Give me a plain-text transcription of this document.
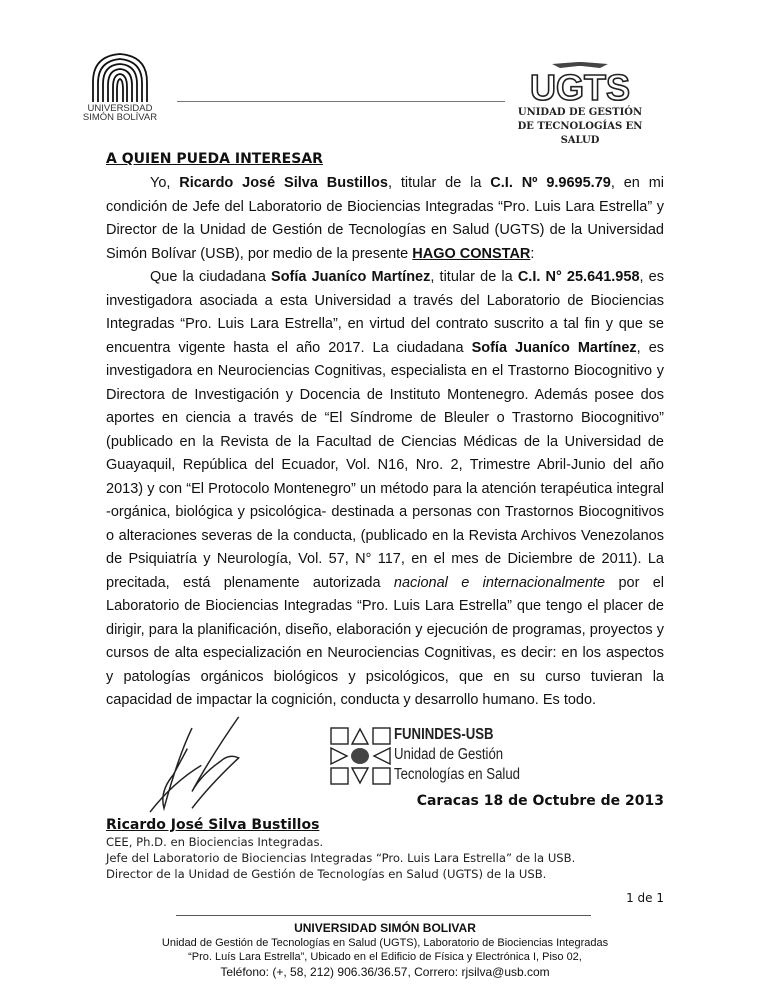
UNIVERSIDAD
SIMÓN BOLÍVAR
UGTS
UNIDAD DE GESTIÓN
DE TECNOLOGÍAS EN SALUD
A QUIEN PUEDA INTERESAR

Yo, Ricardo José Silva Bustillos, titular de la C.I. Nº 9.9695.79, en mi condición de Jefe del Laboratorio de Biociencias Integradas “Pro. Luis Lara Estrella” y Director de la Unidad de Gestión de Tecnologías en Salud (UGTS) de la Universidad Simón Bolívar (USB), por medio de la presente HAGO CONSTAR:

Que la ciudadana Sofía Juaníco Martínez, titular de la C.I. N° 25.641.958, es investigadora asociada a esta Universidad a través del Laboratorio de Biociencias Integradas “Pro. Luis Lara Estrella”, en virtud del contrato suscrito a tal fin y que se encuentra vigente hasta el año 2017. La ciudadana Sofía Juaníco Martínez, es investigadora en Neurociencias Cognitivas, especialista en el Trastorno Biocognitivo y Directora de Investigación y Docencia de Instituto Montenegro. Además posee dos aportes en ciencia a través de “El Síndrome de Bleuler o Trastorno Biocognitivo” (publicado en la Revista de la Facultad de Ciencias Médicas de la Universidad de Guayaquil, República del Ecuador, Vol. N16, Nro. 2, Trimestre Abril-Junio del año 2013) y con “El Protocolo Montenegro” un método para la atención terapéutica integral -orgánica, biológica y psicológica- destinada a personas con Trastornos Biocognitivos o alteraciones severas de la conducta, (publicado en la Revista Archivos Venezolanos de Psiquiatría y Neurología, Vol. 57, N° 117, en el mes de Diciembre de 2011). La precitada, está plenamente autorizada nacional e internacionalmente por el Laboratorio de Biociencias Integradas “Pro. Luis Lara Estrella” que tengo el placer de dirigir, para la planificación, diseño, elaboración y ejecución de programas, proyectos y cursos de alta especialización en Neurociencias Cognitivas, es decir: en los aspectos y patologías orgánicos biológicos y psicológicos, que en su curso tuvieran la capacidad de impactar la cognición, conducta y desarrollo humano. Es todo.

FUNINDES-USB
Unidad de Gestión
Tecnologías en Salud
Caracas 18 de Octubre de 2013
Ricardo José Silva Bustillos
CEE, Ph.D. en Biociencias Integradas.
Jefe del Laboratorio de Biociencias Integradas “Pro. Luis Lara Estrella” de la USB.
Director de la Unidad de Gestión de Tecnologías en Salud (UGTS) de la USB.
1 de 1
UNIVERSIDAD SIMÓN BOLIVAR
Unidad de Gestión de Tecnologías en Salud (UGTS), Laboratorio de Biociencias Integradas
“Pro. Luís Lara Estrella”, Ubicado en el Edificio de Física y Electrónica I, Piso 02,
Teléfono: (+, 58, 212) 906.36/36.57, Correro: rjsilva@usb.com
